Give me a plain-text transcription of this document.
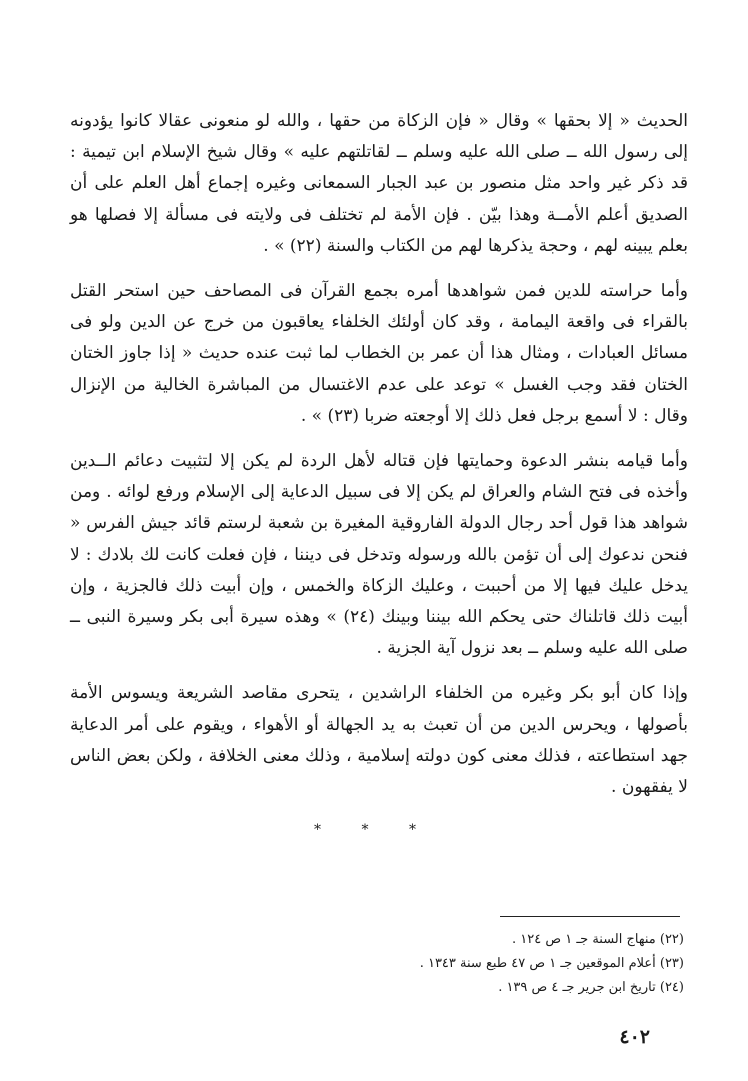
الحديث « إلا بحقها » وقال « فإن الزكاة من حقها ، والله لو منعونى عقالا كانوا يؤدونه إلى رسول الله ــ صلى الله عليه وسلم ــ لقاتلتهم عليه » وقال شيخ الإسلام ابن تيمية : قد ذكر غير واحد مثل منصور بن عبد الجبار السمعانى وغيره إجماع أهل العلم على أن الصديق أعلم الأمــة وهذا بيّن . فإن الأمة لم تختلف فى ولايته فى مسألة إلا فصلها هو بعلم يبينه لهم ، وحجة يذكرها لهم من الكتاب والسنة (٢٢) » .

وأما حراسته للدين فمن شواهدها أمره بجمع القرآن فى المصاحف حين استحر القتل بالقراء فى واقعة اليمامة ، وقد كان أولئك الخلفاء يعاقبون من خرج عن الدين ولو فى مسائل العبادات ، ومثال هذا أن عمر بن الخطاب لما ثبت عنده حديث « إذا جاوز الختان الختان فقد وجب الغسل » توعد على عدم الاغتسال من المباشرة الخالية من الإنزال وقال : لا أسمع برجل فعل ذلك إلا أوجعته ضربا (٢٣) » .

وأما قيامه بنشر الدعوة وحمايتها فإن قتاله لأهل الردة لم يكن إلا لتثبيت دعائم الــدين وأخذه فى فتح الشام والعراق لم يكن إلا فى سبيل الدعاية إلى الإسلام ورفع لوائه . ومن شواهد هذا قول أحد رجال الدولة الفاروقية المغيرة بن شعبة لرستم قائد جيش الفرس « فنحن ندعوك إلى أن تؤمن بالله ورسوله وتدخل فى ديننا ، فإن فعلت كانت لك بلادك : لا يدخل عليك فيها إلا من أحببت ، وعليك الزكاة والخمس ، وإن أبيت ذلك فالجزية ، وإن أبيت ذلك قاتلناك حتى يحكم الله بيننا وبينك (٢٤) » وهذه سيرة أبى بكر وسيرة النبى ــ صلى الله عليه وسلم ــ بعد نزول آية الجزية .

وإذا كان أبو بكر وغيره من الخلفاء الراشدين ، يتحرى مقاصد الشريعة ويسوس الأمة بأصولها ، ويحرس الدين من أن تعبث به يد الجهالة أو الأهواء ، ويقوم على أمر الدعاية جهد استطاعته ، فذلك معنى كون دولته إسلامية ، وذلك معنى الخلافة ، ولكن بعض الناس لا يفقهون .

* * *

(٢٢) منهاج السنة جـ ١ ص ١٢٤ .

(٢٣) أعلام الموقعين جـ ١ ص ٤٧ طبع سنة ١٣٤٣ .

(٢٤) تاريخ ابن جرير جـ ٤ ص ١٣٩ .

٤٠٢
